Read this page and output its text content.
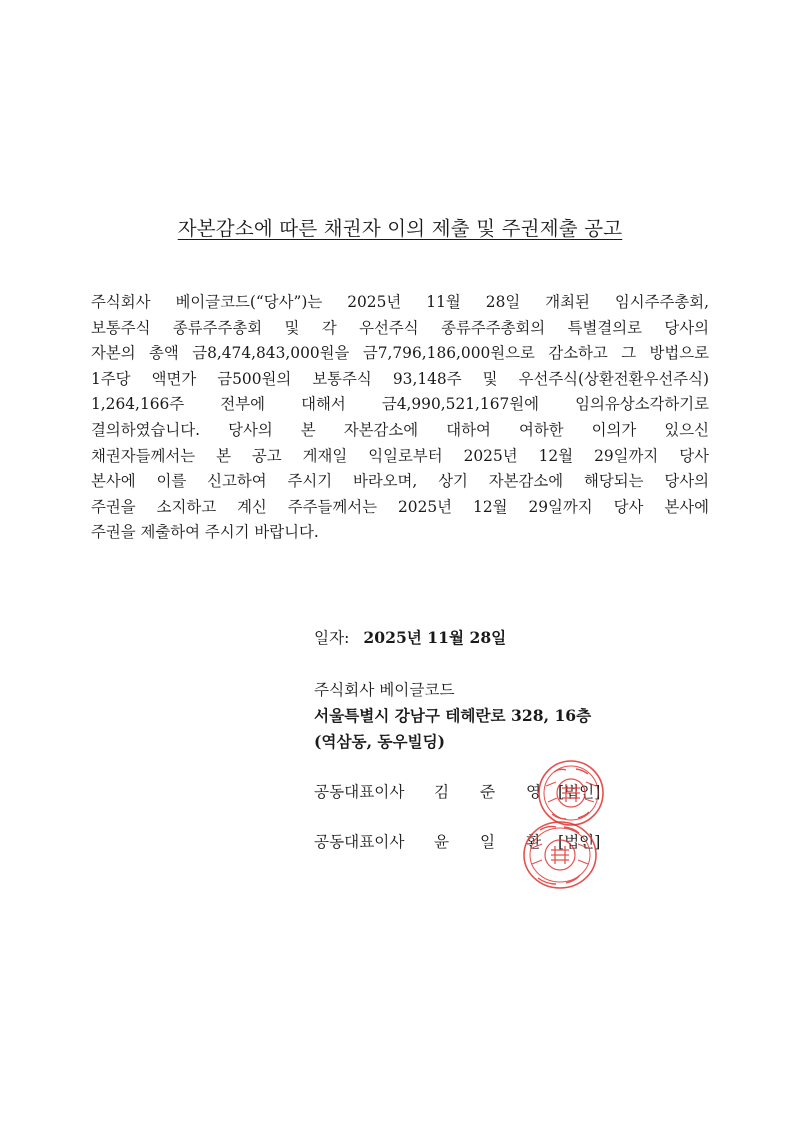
자본감소에 따른 채권자 이의 제출 및 주권제출 공고

주식회사 베이글코드(“당사”)는 2025년 11월 28일 개최된 임시주주총회,

보통주식 종류주주총회 및 각 우선주식 종류주주총회의 특별결의로 당사의

자본의 총액 금8,474,843,000원을 금7,796,186,000원으로 감소하고 그 방법으로

1주당 액면가 금500원의 보통주식 93,148주 및 우선주식(상환전환우선주식)

1,264,166주 전부에 대해서 금4,990,521,167원에 임의유상소각하기로

결의하였습니다. 당사의 본 자본감소에 대하여 여하한 이의가 있으신

채권자들께서는 본 공고 게재일 익일로부터 2025년 12월 29일까지 당사

본사에 이를 신고하여 주시기 바라오며, 상기 자본감소에 해당되는 당사의

주권을 소지하고 계신 주주들께서는 2025년 12월 29일까지 당사 본사에

주권을 제출하여 주시기 바랍니다.

일자: 2025년 11월 28일
주식회사 베이글코드
서울특별시 강남구 테헤란로 328, 16층
(역삼동, 동우빌딩)
공동대표이사	김	준	영	[법인]
공동대표이사	윤	일	환	[법인]
